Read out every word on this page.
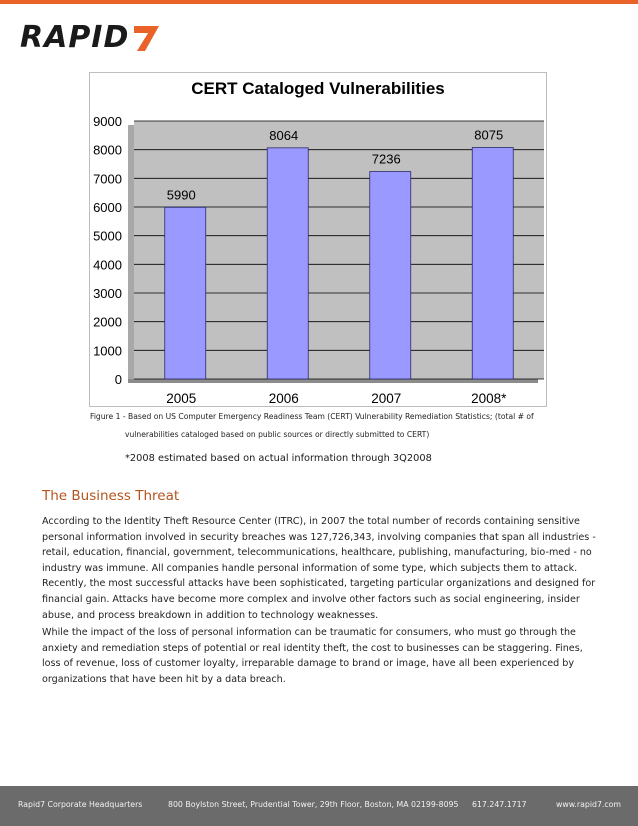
RAPID
CERT Cataloged Vulnerabilities
0
1000
2000
3000
4000
5000
6000
7000
8000
9000
5990
2005
8064
2006
7236
2007
8075
2008*
Figure 1 - Based on US Computer Emergency Readiness Team (CERT) Vulnerability Remediation Statistics; (total # of
vulnerabilities cataloged based on public sources or directly submitted to CERT)
*2008 estimated based on actual information through 3Q2008
The Business Threat
According to the Identity Theft Resource Center (ITRC), in 2007 the total number of records containing sensitive
personal information involved in security breaches was 127,726,343, involving companies that span all industries -
retail, education, financial, government, telecommunications, healthcare, publishing, manufacturing, bio-med - no
industry was immune. All companies handle personal information of some type, which subjects them to attack.
Recently, the most successful attacks have been sophisticated, targeting particular organizations and designed for
financial gain. Attacks have become more complex and involve other factors such as social engineering, insider
abuse, and process breakdown in addition to technology weaknesses.
While the impact of the loss of personal information can be traumatic for consumers, who must go through the
anxiety and remediation steps of potential or real identity theft, the cost to businesses can be staggering. Fines,
loss of revenue, loss of customer loyalty, irreparable damage to brand or image, have all been experienced by
organizations that have been hit by a data breach.
Rapid7 Corporate Headquarters	800 Boylston Street, Prudential Tower, 29th Floor, Boston, MA 02199-8095 617.247.1717	www.rapid7.com
